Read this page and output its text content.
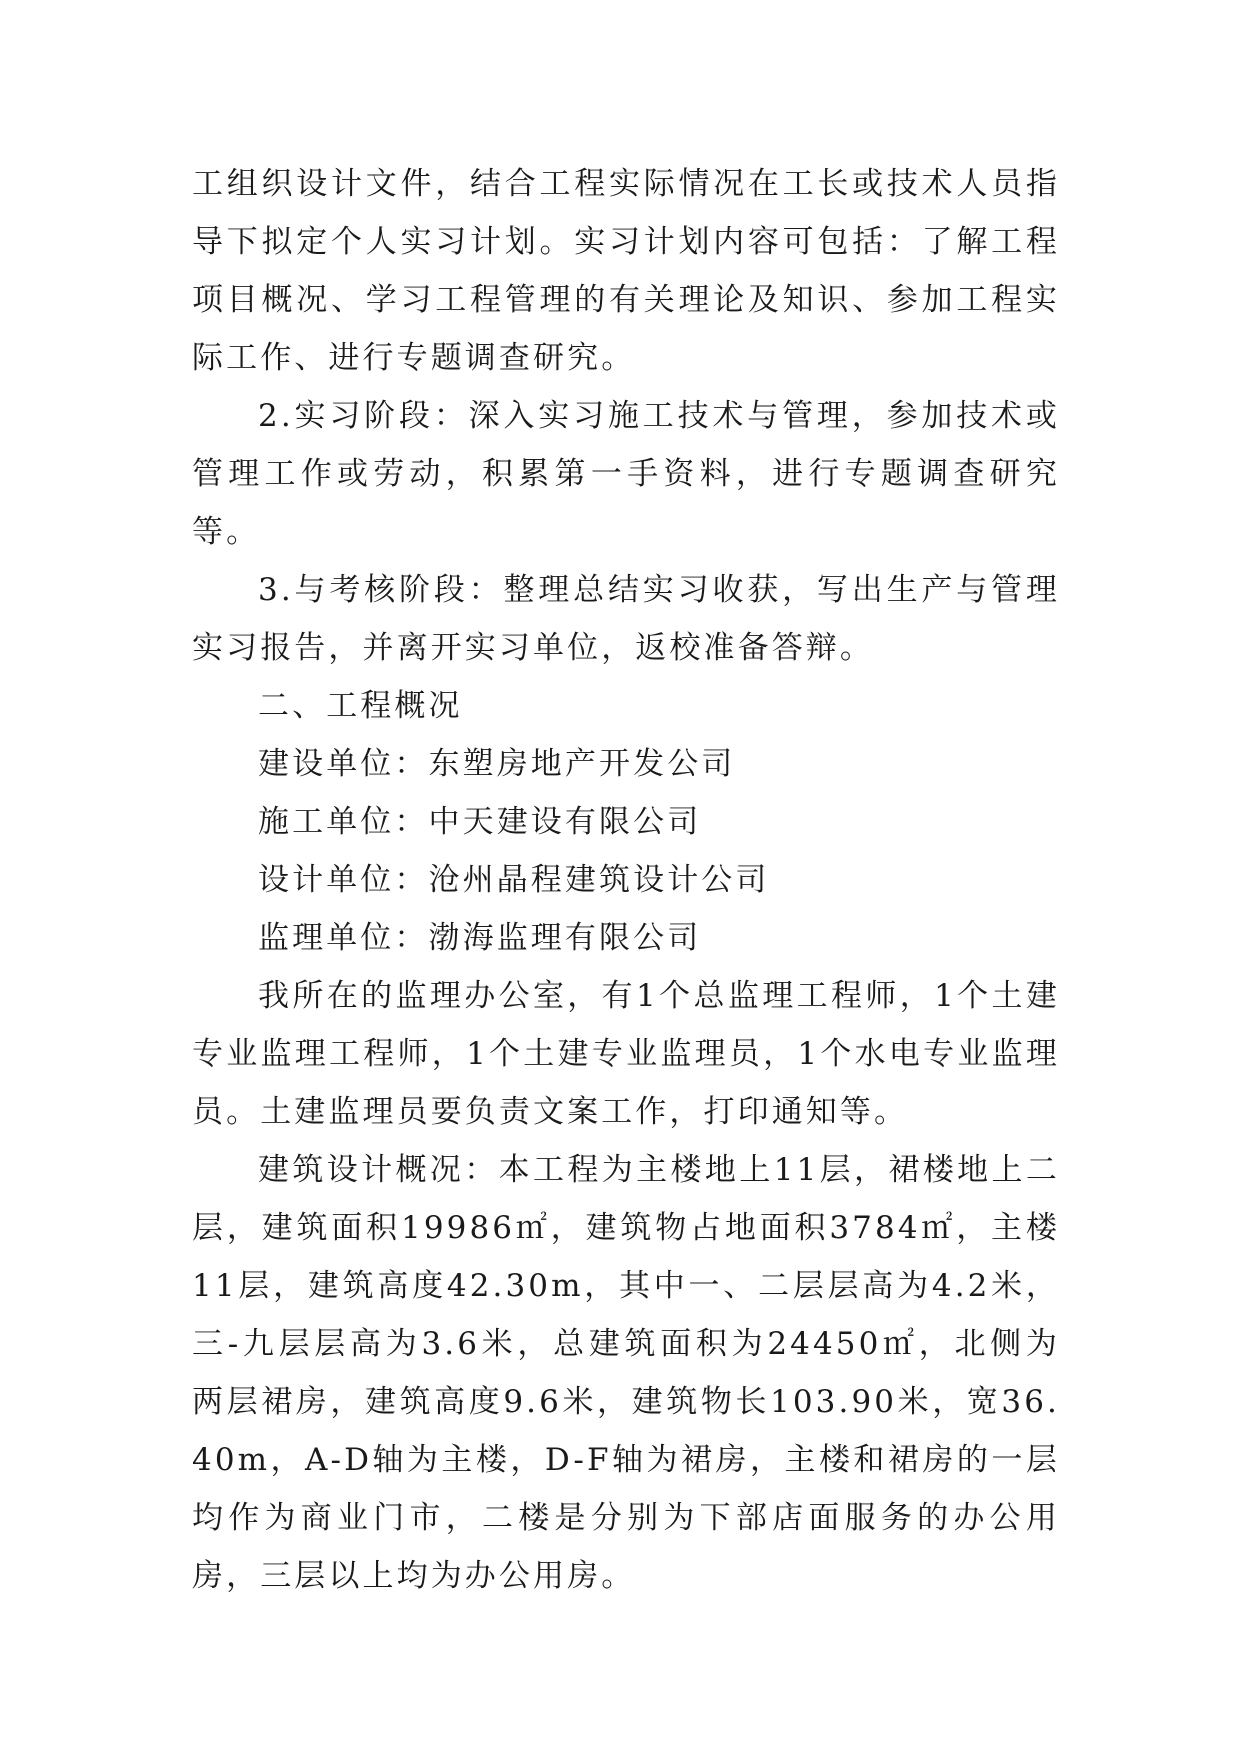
工组织设计文件，结合工程实际情况在工长或技术人员指导下拟定个人实习计划。实习计划内容可包括：了解工程项目概况、学习工程管理的有关理论及知识、参加工程实际工作、进行专题调查研究。

2.实习阶段：深入实习施工技术与管理，参加技术或管理工作或劳动，积累第一手资料，进行专题调查研究等。

3.与考核阶段：整理总结实习收获，写出生产与管理实习报告，并离开实习单位，返校准备答辩。

二、工程概况

建设单位：东塑房地产开发公司

施工单位：中天建设有限公司

设计单位：沧州晶程建筑设计公司

监理单位：渤海监理有限公司

我所在的监理办公室，有1个总监理工程师，1个土建专业监理工程师，1个土建专业监理员，1个水电专业监理员。土建监理员要负责文案工作，打印通知等。

建筑设计概况：本工程为主楼地上11层，裙楼地上二层，建筑面积19986㎡，建筑物占地面积3784㎡，主楼11层，建筑高度42.30m，其中一、二层层高为4.2米，三-九层层高为3.6米，总建筑面积为24450㎡，北侧为两层裙房，建筑高度9.6米，建筑物长103.90米，宽36.40m，A-D轴为主楼，D-F轴为裙房，主楼和裙房的一层均作为商业门市，二楼是分别为下部店面服务的办公用房，三层以上均为办公用房。
